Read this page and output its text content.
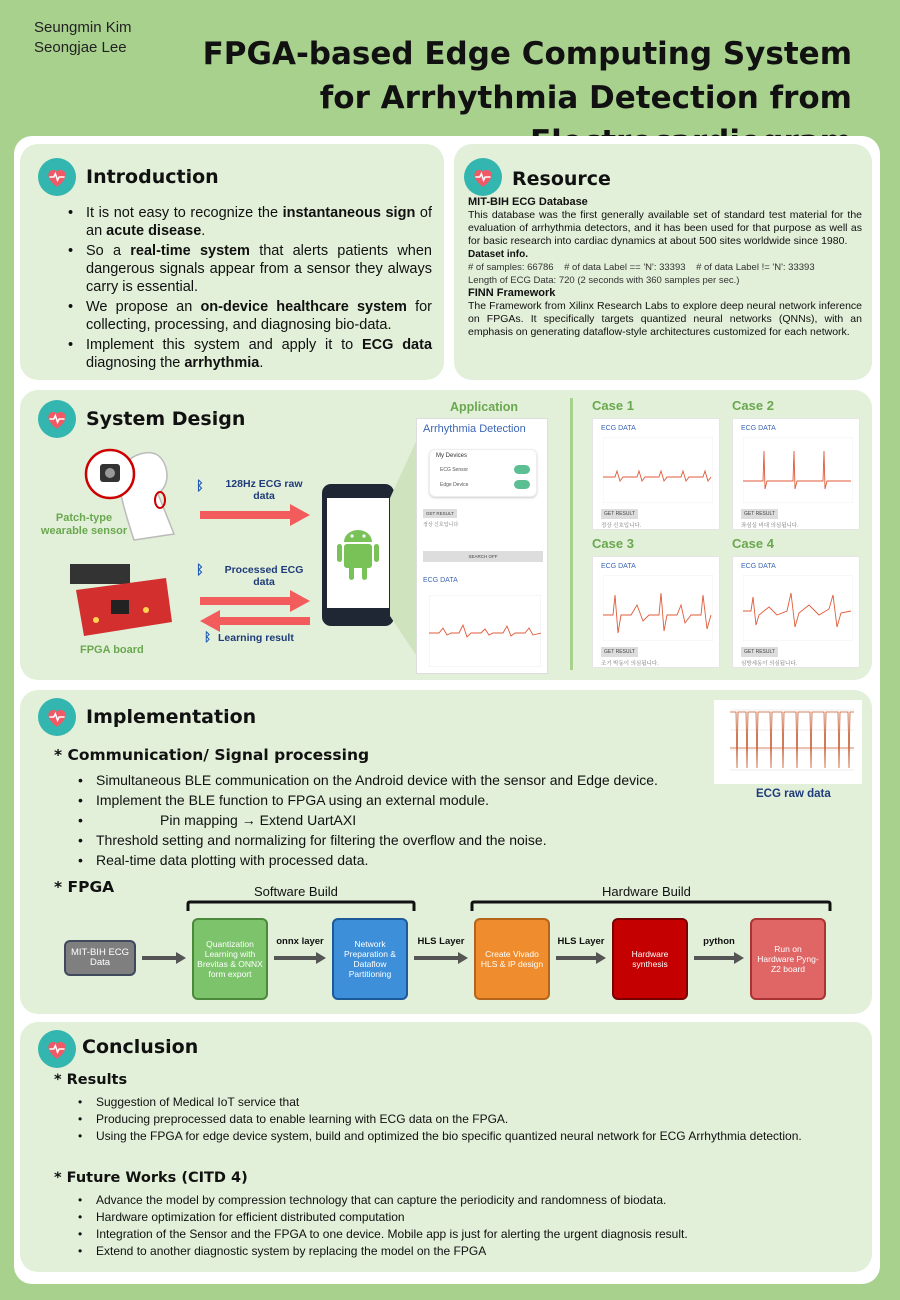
Seungmin Kim
Seongjae Lee	FPGA-based Edge Computing System
for Arrhythmia Detection from
Introduction
• It is not easy to recognize the instantaneous sign of an acute disease.
• So a real-time system that alerts patients when dangerous signals appear from a sensor they always carry is essential.
• We propose an on-device healthcare system for collecting, processing, and diagnosing bio-data.
• Implement this system and apply it to ECG data diagnosing the arrhythmia.
Resource
MIT-BIH ECG Database

This database was the first generally available set of standard test material for the evaluation of arrhythmia detectors, and it has been used for that purpose as well as for basic research into cardiac dynamics at about 500 sites worldwide since 1980.

Dataset info.
# of samples: 66786    # of data Label == 'N': 33393    # of data Label != 'N': 33393
Length of ECG Data: 720 (2 seconds with 360 samples per sec.)
FINN Framework

The Framework from Xilinx Research Labs to explore deep neural network inference on FPGAs. It specifically targets quantized neural networks (QNNs), with an emphasis on generating dataflow-style architectures customized for each network.

System Design
Patch-type wearable sensor
FPGA board
ᛒ	128Hz ECG raw data
ᛒ	Processed ECG data
ᛒ Learning result
Application
Arrhythmia Detection
My Devices
ECG Sensor
Edge Device
GET RESULT
정상 신호입니다
SEARCH OFF
ECG DATA
Case 1
ECG DATA
GET RESULT
정상 신호입니다.
Case 2
ECG DATA
GET RESULT
좌심실 비대 의심됩니다.
Case 3
ECG DATA
GET RESULT
조기 박동이 의심됩니다.
Case 4
ECG DATA
GET RESULT
심방세동이 의심됩니다.
Implementation
ECG raw data
* Communication/ Signal processing
• Simultaneous BLE communication on the Android device with the sensor and Edge device.
• Implement the BLE function to FPGA using an external module.
• Pin mapping → Extend UartAXI
• Threshold setting and normalizing for filtering the overflow and the noise.
• Real-time data plotting with processed data.
* FPGA	Software Build	Hardware Build
MIT-BIH ECG Data
Quantization Learning with Brevitas & ONNX form export
onnx layer	Network Preparation & Dataflow Partitioning
HLS Layer
Create Vivado HLS & IP design
HLS Layer
Hardware synthesis
python
Run on Hardware Pyng-Z2 board
Conclusion
* Results
• Suggestion of Medical IoT service that
• Producing preprocessed data to enable learning with ECG data on the FPGA.
• Using the FPGA for edge device system, build and optimized the bio specific quantized neural network for ECG Arrhythmia detection.
* Future Works (CITD 4)
• Advance the model by compression technology that can capture the periodicity and randomness of biodata.
• Hardware optimization for efficient distributed computation
• Integration of the Sensor and the FPGA to one device. Mobile app is just for alerting the urgent diagnosis result.
• Extend to another diagnostic system by replacing the model on the FPGA
